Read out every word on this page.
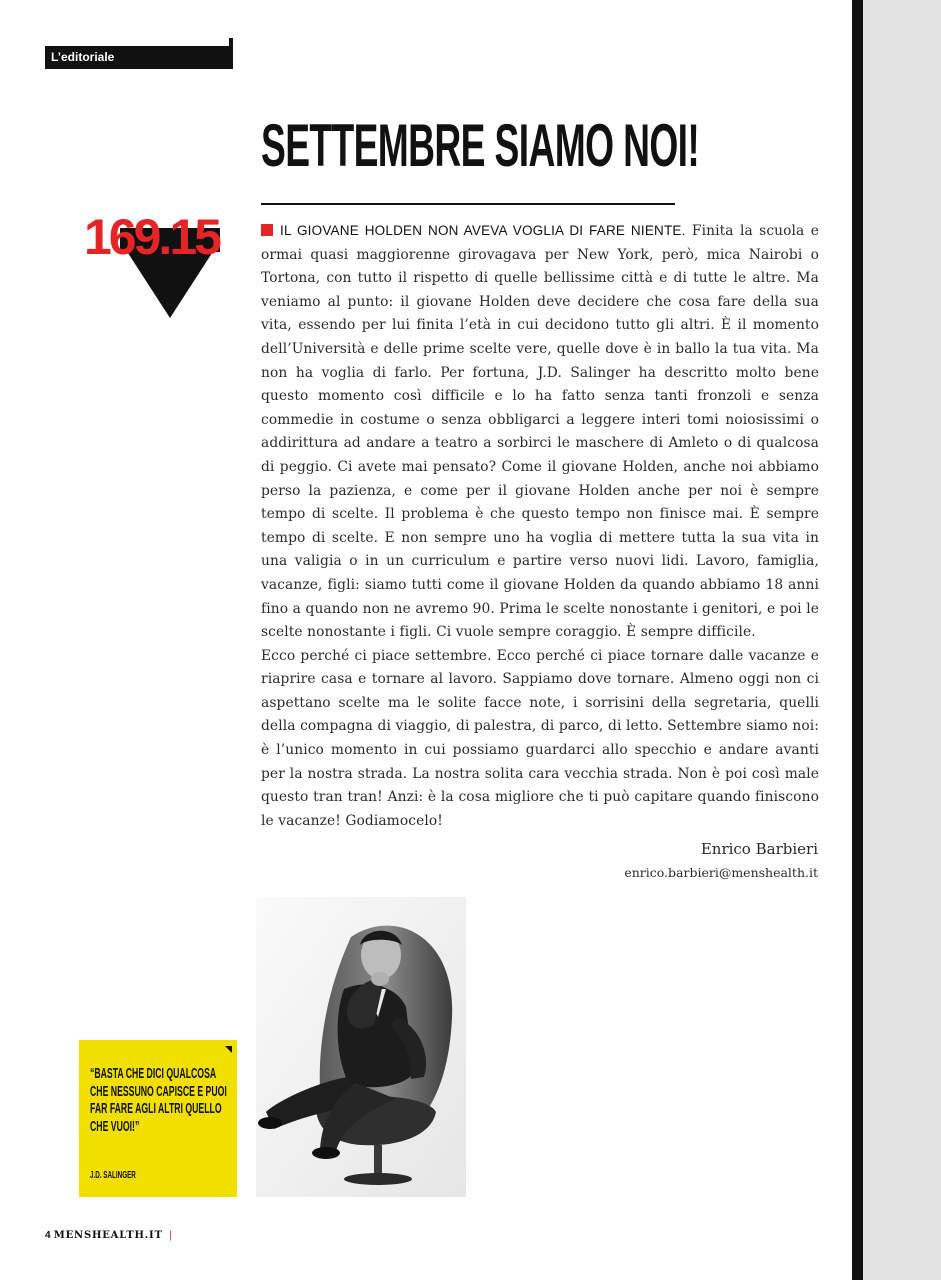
L’editoriale
SETTEMBRE SIAMO NOI!
169.15	IL GIOVANE HOLDEN NON AVEVA VOGLIA DI FARE NIENTE. Finita la scuola e ormai quasi maggiorenne girovagava per New York, però, mica Nairobi o Tortona, con tutto il rispetto di quelle bellissime città e di tutte le altre. Ma veniamo al punto: il giovane Holden deve decidere che cosa fare della sua vita, essendo per lui finita l’età in cui decidono tutto gli altri. È il momento dell’Università e delle prime scelte vere, quelle dove è in ballo la tua vita. Ma non ha voglia di farlo. Per fortuna, J.D. Salinger ha descritto molto bene questo momento così difficile e lo ha fatto senza tanti fronzoli e senza commedie in costume o senza obbligarci a leggere interi tomi noiosissimi o addirittura ad andare a teatro a sorbirci le maschere di Amleto o di qualcosa di peggio. Ci avete mai pensato? Come il giovane Holden, anche noi abbiamo perso la pazienza, e come per il giovane Holden anche per noi è sempre tempo di scelte. Il problema è che questo tempo non finisce mai. È sempre tempo di scelte. E non sempre uno ha voglia di mettere tutta la sua vita in una valigia o in un curriculum e partire verso nuovi lidi. Lavoro, famiglia, vacanze, figli: siamo tutti come il giovane Holden da quando abbiamo 18 anni fino a quando non ne avremo 90. Prima le scelte nonostante i genitori, e poi le scelte nonostante i figli. Ci vuole sempre coraggio. È sempre difficile.

Ecco perché ci piace settembre. Ecco perché ci piace tornare dalle vacanze e riaprire casa e tornare al lavoro. Sappiamo dove tornare. Almeno oggi non ci aspettano scelte ma le solite facce note, i sorrisini della segretaria, quelli della compagna di viaggio, di palestra, di parco, di letto. Settembre siamo noi: è l’unico momento in cui possiamo guardarci allo specchio e andare avanti per la nostra strada. La nostra solita cara vecchia strada. Non è poi così male questo tran tran! Anzi: è la cosa migliore che ti può capitare quando finiscono le vacanze! Godiamocelo!

Enrico Barbieri
enrico.barbieri@menshealth.it
“BASTA CHE DICI QUALCOSA CHE NESSUNO CAPISCE E PUOI FAR FARE AGLI ALTRI QUELLO CHE VUOI!”
J.D. SALINGER
4 MENSHEALTH.IT |
